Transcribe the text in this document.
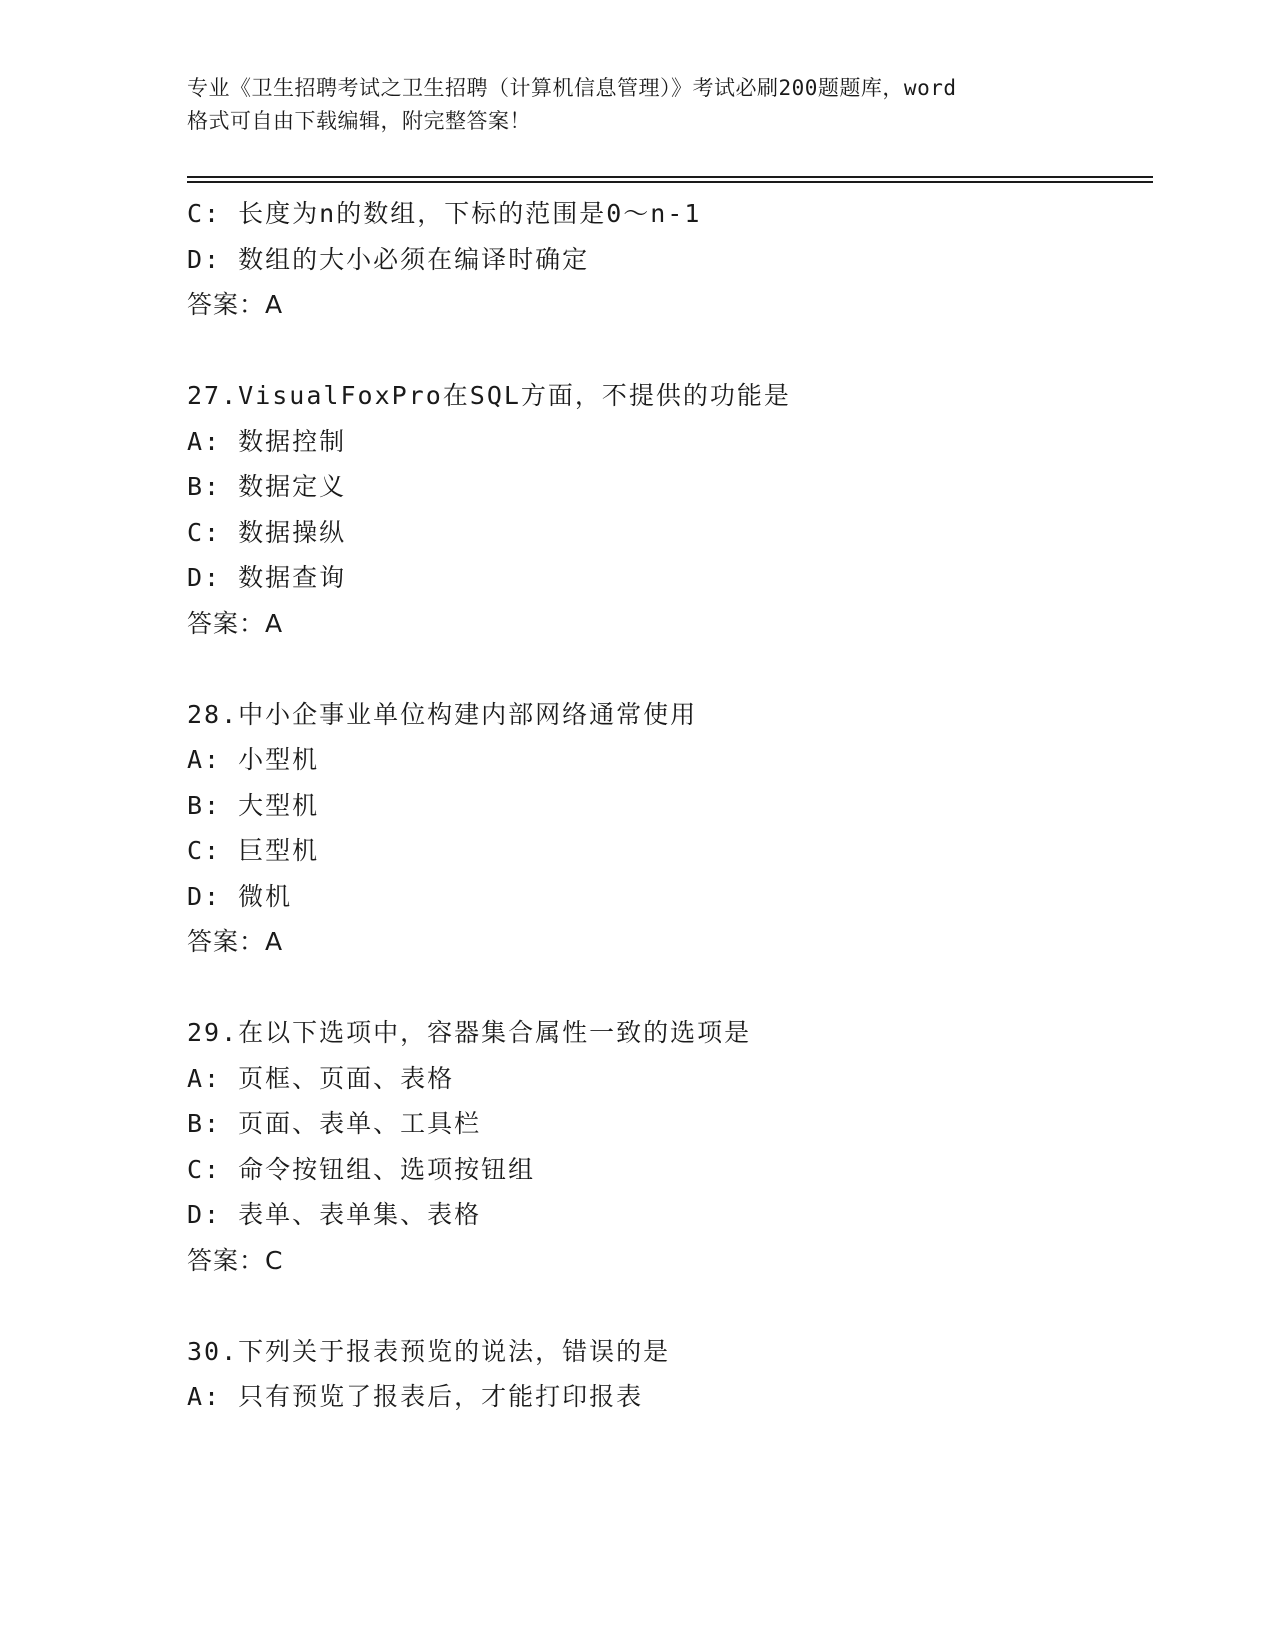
专业《卫生招聘考试之卫生招聘（计算机信息管理）》考试必刷200题题库，word
格式可自由下载编辑，附完整答案！
C: 长度为n的数组，下标的范围是0～n-1
D: 数组的大小必须在编译时确定
答案：A
27.VisualFoxPro在SQL方面，不提供的功能是
A: 数据控制
B: 数据定义
C: 数据操纵
D: 数据查询
答案：A
28.中小企事业单位构建内部网络通常使用
A: 小型机
B: 大型机
C: 巨型机
D: 微机
答案：A
29.在以下选项中，容器集合属性一致的选项是
A: 页框、页面、表格
B: 页面、表单、工具栏
C: 命令按钮组、选项按钮组
D: 表单、表单集、表格
答案：C
30.下列关于报表预览的说法，错误的是
A: 只有预览了报表后，才能打印报表
